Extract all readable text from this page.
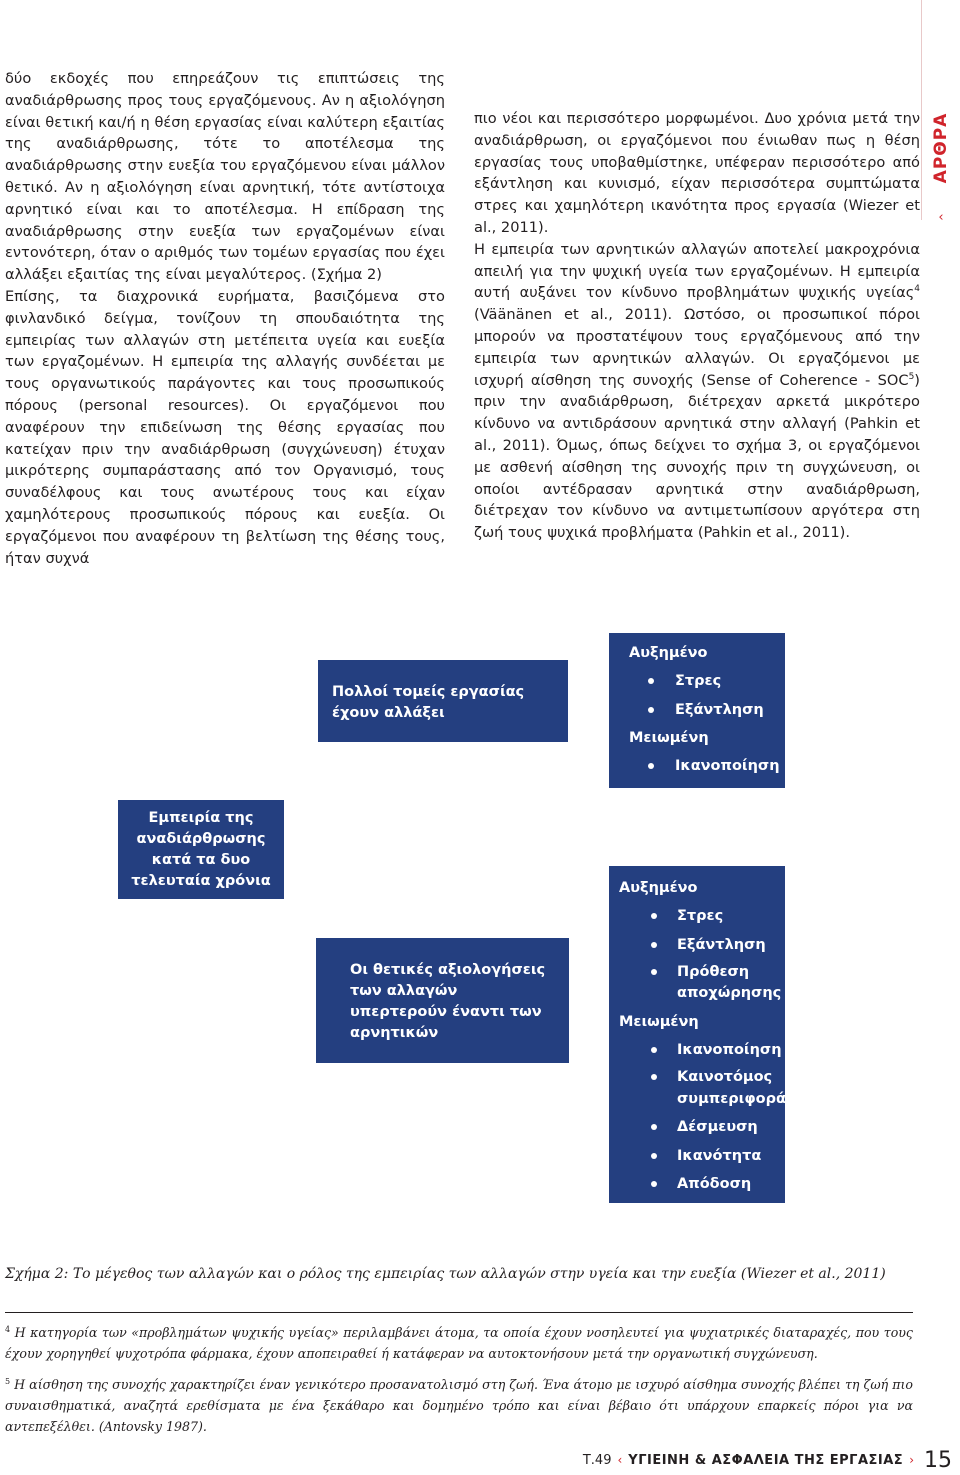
ΑΡΘΡΑ
‹

δύο εκδοχές που επηρεάζουν τις επιπτώσεις της αναδιάρθρωσης προς τους εργαζόμενους. Αν η αξιολόγηση είναι θετική και/ή η θέση εργασίας είναι καλύτερη εξαιτίας της αναδιάρθρωσης, τότε το αποτέλεσμα της αναδιάρθρωσης στην ευεξία του εργαζόμενου είναι μάλλον θετικό. Αν η αξιολόγηση είναι αρνητική, τότε αντίστοιχα αρνητικό είναι και το αποτέλεσμα. Η επίδραση της αναδιάρθρωσης στην ευεξία των εργαζομένων είναι εντονότερη, όταν ο αριθμός των τομέων εργασίας που έχει αλλάξει εξαιτίας της είναι μεγαλύτερος. (Σχήμα 2)

Επίσης, τα διαχρονικά ευρήματα, βασιζόμενα στο φινλανδικό δείγμα, τονίζουν τη σπουδαιότητα της εμπειρίας των αλλαγών στη μετέπειτα υγεία και ευεξία των εργαζομένων. Η εμπειρία της αλλαγής συνδέεται με τους οργανωτικούς παράγοντες και τους προσωπικούς πόρους (personal resources). Οι εργαζόμενοι που αναφέρουν την επιδείνωση της θέσης εργασίας που κατείχαν πριν την αναδιάρθρωση (συγχώνευση) έτυχαν μικρότερης συμπαράστασης από τον Οργανισμό, τους συναδέλφους και τους ανωτέρους τους και είχαν χαμηλότερους προσωπικούς πόρους και ευεξία. Οι εργαζόμενοι που αναφέρουν τη βελτίωση της θέσης τους, ήταν συχνά

πιο νέοι και περισσότερο μορφωμένοι. Δυο χρόνια μετά την αναδιάρθρωση, οι εργαζόμενοι που ένιωθαν πως η θέση εργασίας τους υποβαθμίστηκε, υπέφεραν περισσότερο από εξάντληση και κυνισμό, είχαν περισσότερα συμπτώματα στρες και χαμηλότερη ικανότητα προς εργασία (Wiezer et al., 2011).

Η εμπειρία των αρνητικών αλλαγών αποτελεί μακροχρόνια απειλή για την ψυχική υγεία των εργαζομένων. Η εμπειρία αυτή αυξάνει τον κίνδυνο προβλημάτων ψυχικής υγείας$^4$ (Väänänen et al., 2011). Ωστόσο, οι προσωπικοί πόροι μπορούν να προστατέψουν τους εργαζόμενους από την εμπειρία των αρνητικών αλλαγών. Οι εργαζόμενοι με ισχυρή αίσθηση της συνοχής (Sense of Coherence - SOC$^5$) πριν την αναδιάρθρωση, διέτρεχαν αρκετά μικρότερο κίνδυνο να αντιδράσουν αρνητικά στην αλλαγή (Pahkin et al., 2011). Όμως, όπως δείχνει το σχήμα 3, οι εργαζόμενοι με ασθενή αίσθηση της συνοχής πριν τη συγχώνευση, οι οποίοι αντέδρασαν αρνητικά στην αναδιάρθρωση, διέτρεχαν τον κίνδυνο να αντιμετωπίσουν αργότερα στη ζωή τους ψυχικά προβλήματα (Pahkin et al., 2011).

Εμπειρία της αναδιάρθρωσης κατά τα δυο τελευταία χρόνια
Πολλοί τομείς εργασίας έχουν αλλάξει
Οι θετικές αξιολογήσεις των αλλαγών υπερτερούν έναντι των αρνητικών
Αυξημένο
Στρες
Εξάντληση
Μειωμένη
Ικανοποίηση
Αυξημένο
Στρες
Εξάντληση
Πρόθεση αποχώρησης
Μειωμένη
Ικανοποίηση
Καινοτόμος συμπεριφορά
Δέσμευση
Ικανότητα
Απόδοση
Σχήμα 2: Το μέγεθος των αλλαγών και ο ρόλος της εμπειρίας των αλλαγών στην υγεία και την ευεξία (Wiezer et al., 2011)

$^4$ Η κατηγορία των «προβλημάτων ψυχικής υγείας» περιλαμβάνει άτομα, τα οποία έχουν νοσηλευτεί για ψυχιατρικές διαταραχές, που τους έχουν χορηγηθεί ψυχοτρόπα φάρμακα, έχουν αποπειραθεί ή κατάφεραν να αυτοκτονήσουν μετά την οργανωτική συγχώνευση.

$^5$ Η αίσθηση της συνοχής χαρακτηρίζει έναν γενικότερο προσανατολισμό στη ζωή. Ένα άτομο με ισχυρό αίσθημα συνοχής βλέπει τη ζωή πιο συναισθηματικά, αναζητά ερεθίσματα με ένα ξεκάθαρο και δομημένο τρόπο και είναι βέβαιο ότι υπάρχουν επαρκείς πόροι για να αντεπεξέλθει. (Antovsky 1987).

Τ.49 ‹ ΥΓΙΕΙΝΗ & ΑΣΦΑΛΕΙΑ ΤΗΣ ΕΡΓΑΣΙΑΣ › 15
